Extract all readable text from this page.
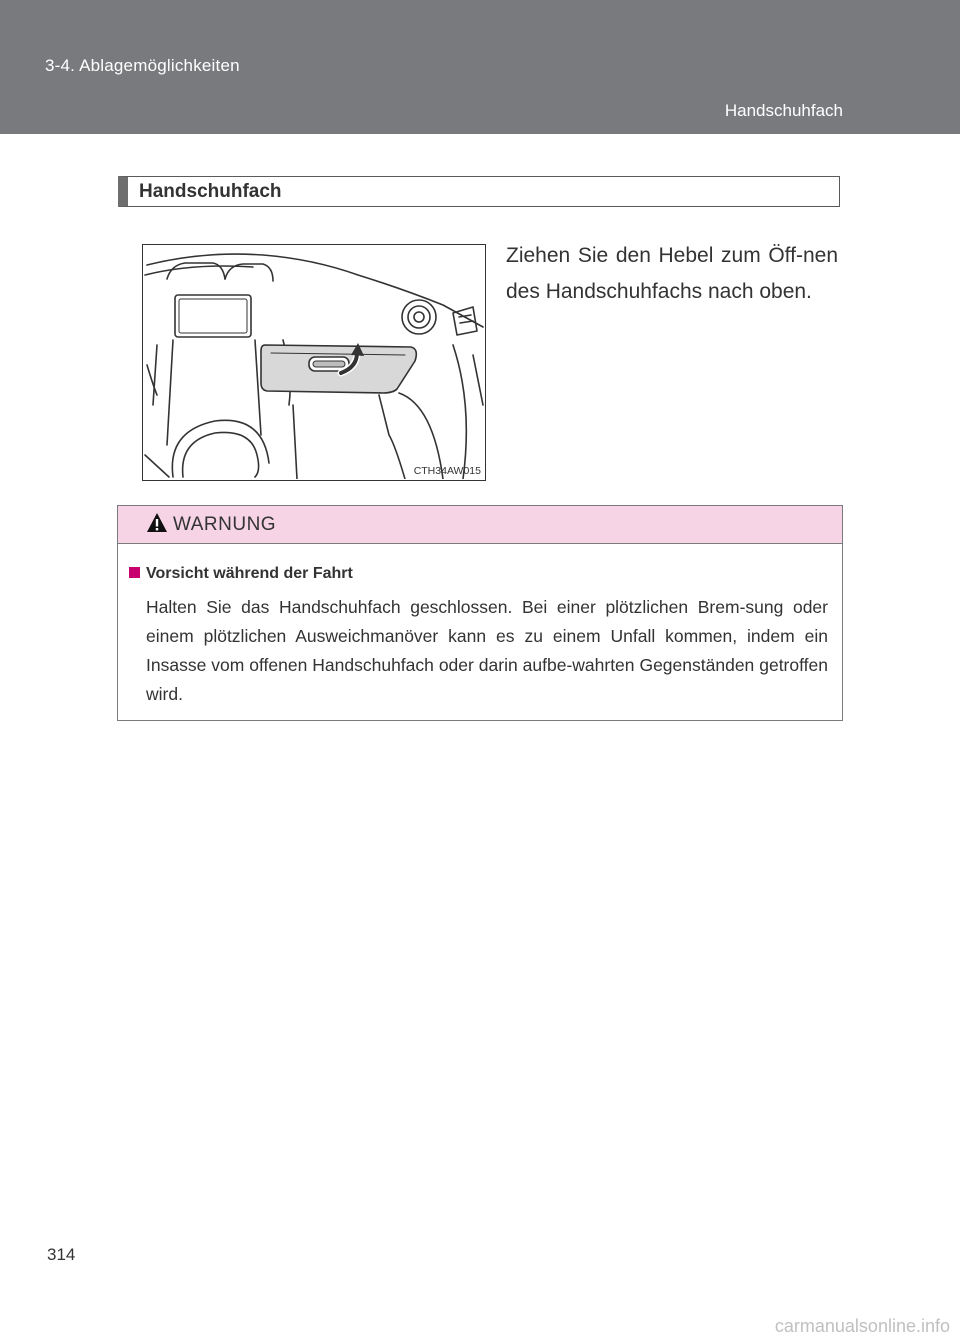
3-4. Ablagemöglichkeiten
Handschuhfach
Handschuhfach
CTH34AW015
Ziehen Sie den Hebel zum Öff-nen des Handschuhfachs nach oben.
WARNUNG
Vorsicht während der Fahrt
Halten Sie das Handschuhfach geschlossen. Bei einer plötzlichen Brem-sung oder einem plötzlichen Ausweichmanöver kann es zu einem Unfall kommen, indem ein Insasse vom offenen Handschuhfach oder darin aufbe-wahrten Gegenständen getroffen wird.
314
carmanualsonline.info
